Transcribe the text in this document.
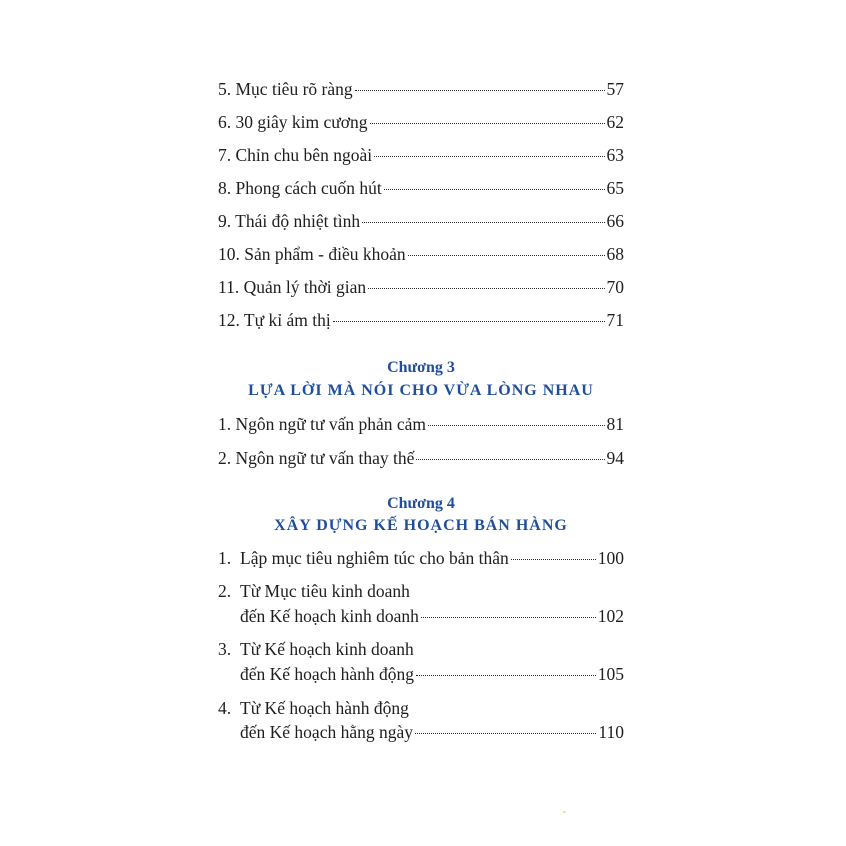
5. Mục tiêu rõ ràng	57
6. 30 giây kim cương	62
7. Chỉn chu bên ngoài	63
8. Phong cách cuốn hút	65
9. Thái độ nhiệt tình	66
10. Sản phẩm - điều khoản	68
11. Quản lý thời gian	70
12. Tự kỉ ám thị	71
Chương 3
LỰA LỜI MÀ NÓI CHO VỪA LÒNG NHAU
1. Ngôn ngữ tư vấn phản cảm	81
2. Ngôn ngữ tư vấn thay thế	94
Chương 4
XÂY DỰNG KẾ HOẠCH BÁN HÀNG
1. Lập mục tiêu nghiêm túc cho bản thân	100
2. Từ Mục tiêu kinh doanh
đến Kế hoạch kinh doanh	102
3. Từ Kế hoạch kinh doanh
đến Kế hoạch hành động	105
4. Từ Kế hoạch hành động
đến Kế hoạch hằng ngày	110
